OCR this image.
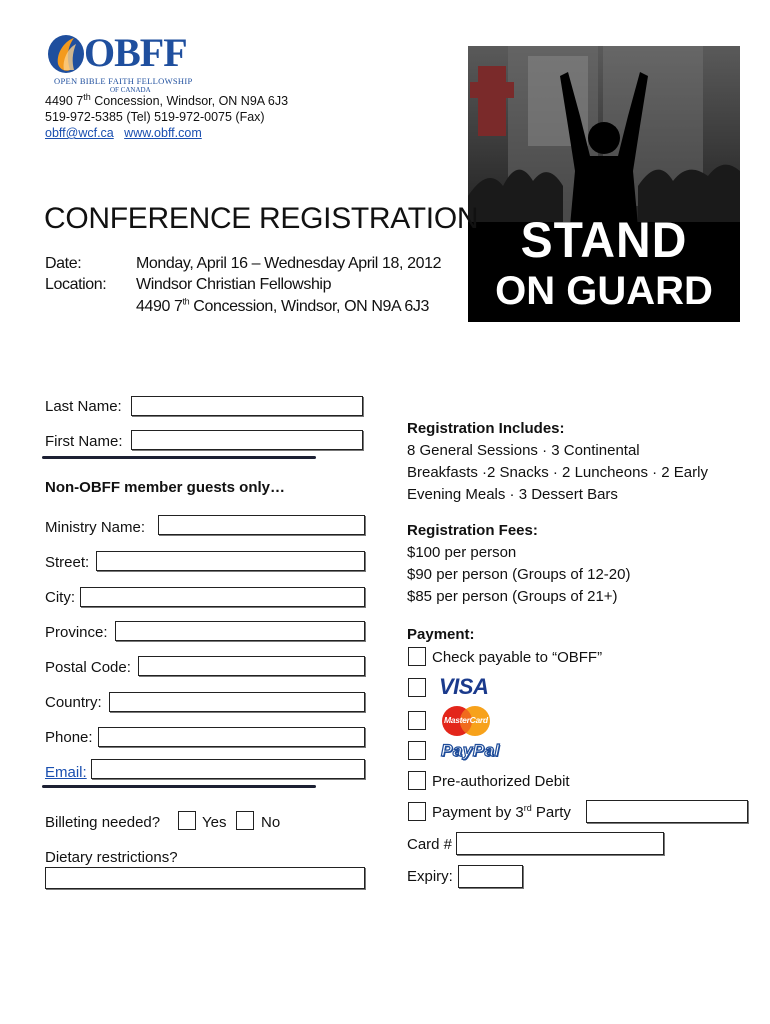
OBFF
OPEN BIBLE FAITH FELLOWSHIP
OF CANADA
4490 7th Concession, Windsor, ON N9A 6J3
519-972-5385 (Tel) 519-972-0075 (Fax)
obff@wcf.ca www.obff.com
STAND
ON GUARD
CONFERENCE REGISTRATION
Date:	Monday, April 16 – Wednesday April 18, 2012
Location: Windsor Christian Fellowship
4490 7th Concession, Windsor, ON N9A 6J3
Last Name:
First Name:
Non-OBFF member guests only…
Ministry Name:
Street:
City:
Province:
Postal Code:
Country:
Phone:
Email:
Billeting needed?	Yes No
Dietary restrictions?
Registration Includes:
8 General Sessions · 3 Continental
Breakfasts ·2 Snacks · 2 Luncheons · 2 Early
Evening Meals · 3 Dessert Bars
Registration Fees:
$100 per person
$90 per person (Groups of 12-20)
$85 per person (Groups of 21+)
Payment:
Check payable to “OBFF”
VISA
MasterCard
PayPal
Pre-authorized Debit
Payment by 3rd Party
Card #
Expiry:
